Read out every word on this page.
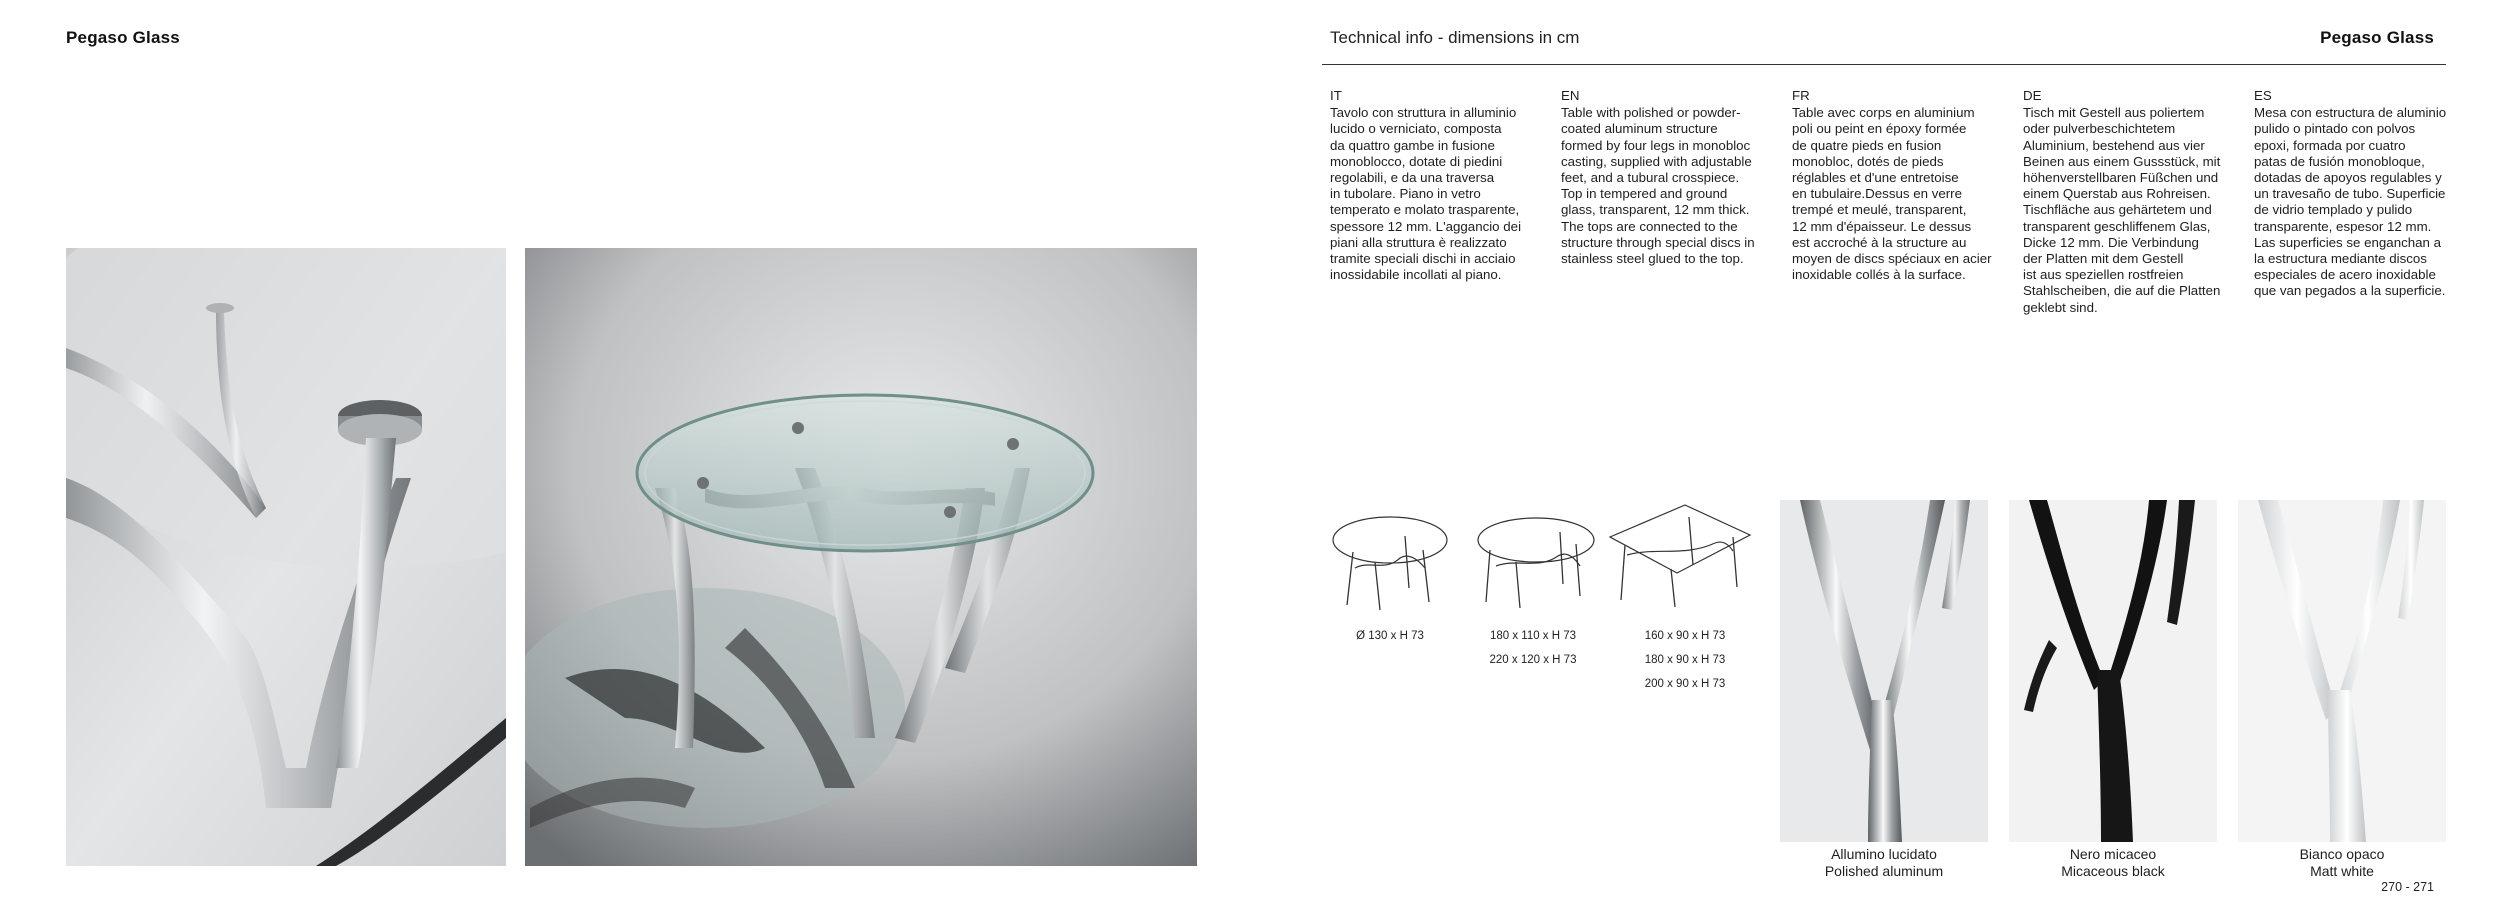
Pegaso Glass	Technical info - dimensions in cm	Pegaso Glass
IT
Tavolo con struttura in alluminio
lucido o verniciato, composta
da quattro gambe in fusione
monoblocco, dotate di piedini
regolabili, e da una traversa
in tubolare. Piano in vetro
temperato e molato trasparente,
spessore 12 mm. L'aggancio dei
piani alla struttura è realizzato
tramite speciali dischi in acciaio
inossidabile incollati al piano.
EN
Table with polished or powder-
coated aluminum structure
formed by four legs in monobloc
casting, supplied with adjustable
feet, and a tubural crosspiece.
Top in tempered and ground
glass, transparent, 12 mm thick.
The tops are connected to the
structure through special discs in
stainless steel glued to the top.
FR
Table avec corps en aluminium
poli ou peint en époxy formée
de quatre pieds en fusion
monobloc, dotés de pieds
réglables et d'une entretoise
en tubulaire.Dessus en verre
trempé et meulé, transparent,
12 mm d'épaisseur. Le dessus
est accroché à la structure au
moyen de discs spéciaux en acier
inoxidable collés à la surface.
DE
Tisch mit Gestell aus poliertem
oder pulverbeschichtetem
Aluminium, bestehend aus vier
Beinen aus einem Gussstück, mit
höhenverstellbaren Füßchen und
einem Querstab aus Rohreisen.
Tischfläche aus gehärtetem und
transparent geschliffenem Glas,
Dicke 12 mm. Die Verbindung
der Platten mit dem Gestell
ist aus speziellen rostfreien
Stahlscheiben, die auf die Platten
geklebt sind.
ES
Mesa con estructura de aluminio
pulido o pintado con polvos
epoxi, formada por cuatro
patas de fusión monobloque,
dotadas de apoyos regulables y
un travesaño de tubo. Superficie
de vidrio templado y pulido
transparente, espesor 12 mm.
Las superficies se enganchan a
la estructura mediante discos
especiales de acero inoxidable
que van pegados a la superficie.
Ø 130 x H 73	180 x 110 x H 73
220 x 120 x H 73
160 x 90 x H 73
180 x 90 x H 73
200 x 90 x H 73
Allumino lucidato
Polished aluminum
Nero micaceo
Micaceous black
Bianco opaco
Matt white
270 - 271
